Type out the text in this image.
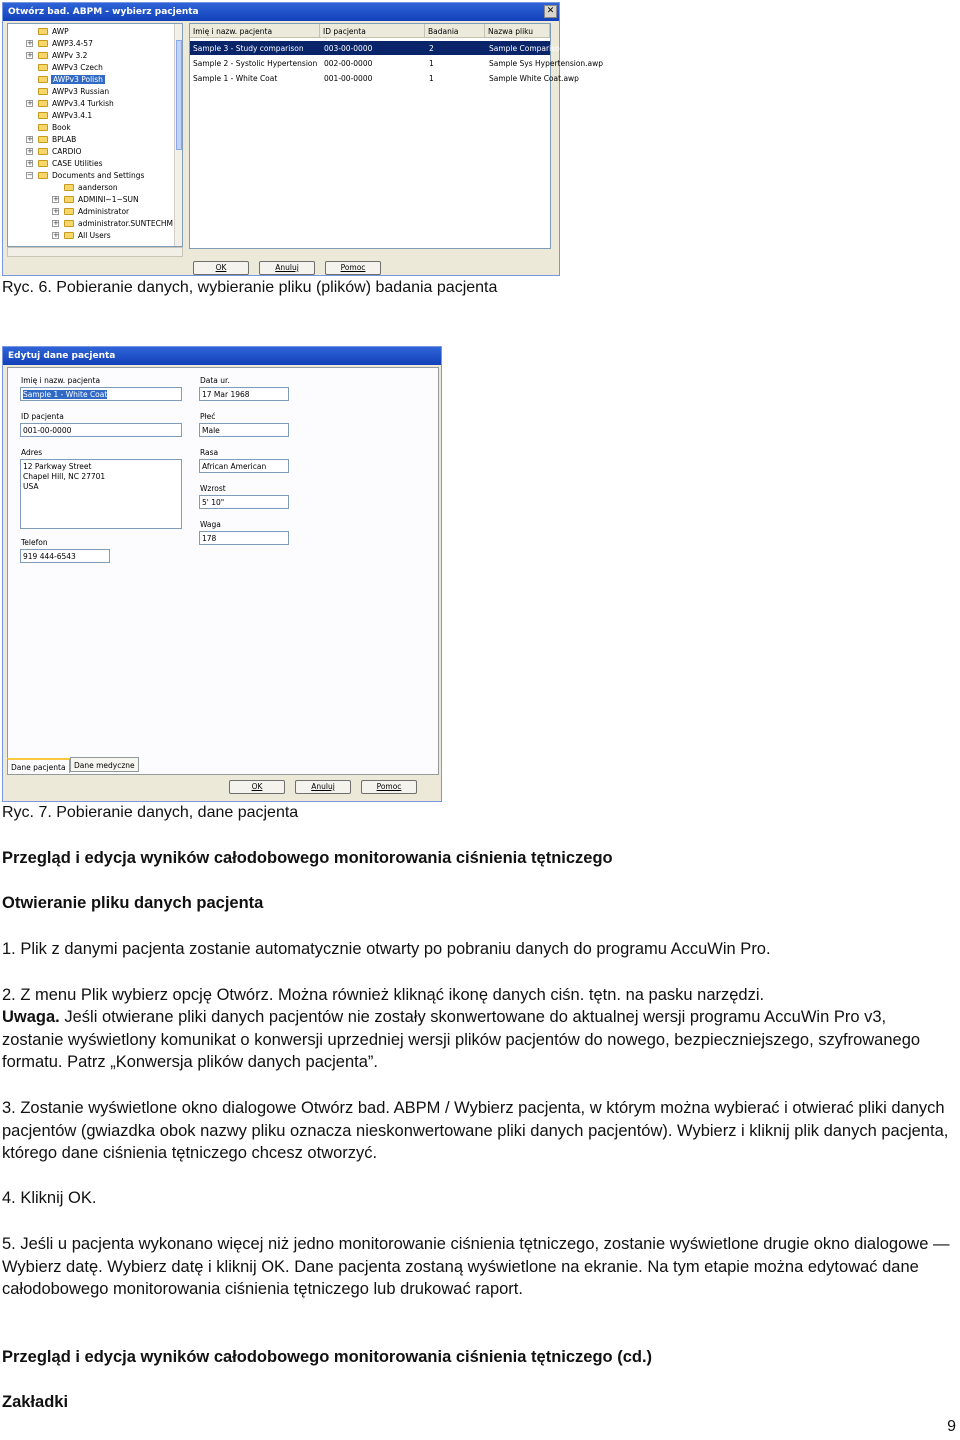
Otwórz bad. ABPM - wybierz pacjenta	✕
AWP
+	AWP3.4-57
+	AWPv 3.2
AWPv3 Czech
AWPv3 Polish
AWPv3 Russian
+	AWPv3.4 Turkish
AWPv3.4.1
Book
+	BPLAB
+	CARDIO
+	CASE Utilities
−	Documents and Settings
aanderson
+	ADMINI~1~SUN
+	Administrator
+	administrator.SUNTECHM
+	All Users
Imię i nazw. pacjenta	ID pacjenta	Badania	Nazwa pliku
Sample 3 - Study comparison	003-00-0000	2	Sample Comparison.awp
Sample 2 - Systolic Hypertension 002-00-0000	1	Sample Sys Hypertension.awp
Sample 1 - White Coat	001-00-0000	1	Sample White Coat.awp
OK	Anuluj	Pomoc
Ryc. 6. Pobieranie danych, wybieranie pliku (plików) badania pacjenta
Edytuj dane pacjenta
Imię i nazw. pacjenta
Sample 1 - White Coat
ID pacjenta
001-00-0000
Adres
12 Parkway Street
Chapel Hill, NC 27701
USA
Telefon
919 444-6543
Data ur.
17 Mar 1968
Płeć
Male
Rasa
African American
Wzrost
5' 10"
Waga
178
Dane pacjenta	Dane medyczne
OK	Anuluj	Pomoc
Ryc. 7. Pobieranie danych, dane pacjenta
Przegląd i edycja wyników całodobowego monitorowania ciśnienia tętniczego
Otwieranie pliku danych pacjenta
1. Plik z danymi pacjenta zostanie automatycznie otwarty po pobraniu danych do programu AccuWin Pro.
2. Z menu Plik wybierz opcję Otwórz. Można również kliknąć ikonę danych ciśn. tętn. na pasku narzędzi.
Uwaga. Jeśli otwierane pliki danych pacjentów nie zostały skonwertowane do aktualnej wersji programu AccuWin Pro v3, zostanie wyświetlony komunikat o konwersji uprzedniej wersji plików pacjentów do nowego, bezpieczniejszego, szyfrowanego formatu. Patrz „Konwersja plików danych pacjenta”.
3. Zostanie wyświetlone okno dialogowe Otwórz bad. ABPM / Wybierz pacjenta, w którym można wybierać i otwierać pliki danych pacjentów (gwiazdka obok nazwy pliku oznacza nieskonwertowane pliki danych pacjentów). Wybierz i kliknij plik danych pacjenta, którego dane ciśnienia tętniczego chcesz otworzyć.
4. Kliknij OK.
5. Jeśli u pacjenta wykonano więcej niż jedno monitorowanie ciśnienia tętniczego, zostanie wyświetlone drugie okno dialogowe — Wybierz datę. Wybierz datę i kliknij OK. Dane pacjenta zostaną wyświetlone na ekranie. Na tym etapie można edytować dane całodobowego monitorowania ciśnienia tętniczego lub drukować raport.
Przegląd i edycja wyników całodobowego monitorowania ciśnienia tętniczego (cd.)
Zakładki
9
